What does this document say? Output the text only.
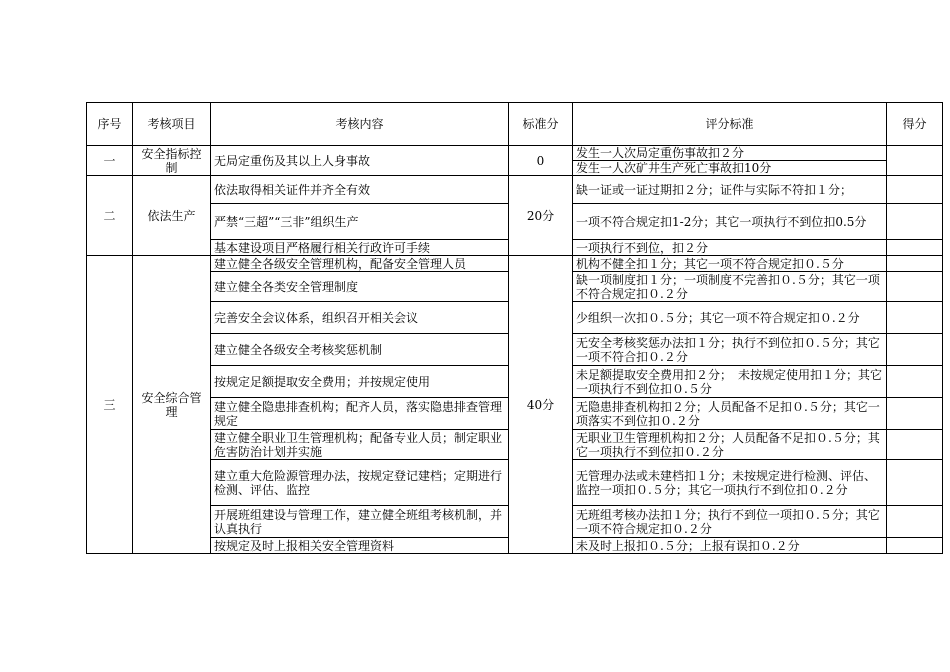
序号	考核项目	考核内容	标准分	评分标准	得分
一	安全指标控制	无局定重伤及其以上人身事故	0	发生一人次局定重伤事故扣２分
发生一人次矿井生产死亡事故扣10分	

二	依法生产	依法取得相关证件并齐全有效	20分	缺一证或一证过期扣２分；证件与实际不符扣１分；	
		严禁“三超”“三非”组织生产		一项不符合规定扣1-2分；其它一项执行不到位扣0.5分	
		基本建设项目严格履行相关行政许可手续		一项执行不到位，扣２分	
三	安全综合管理	建立健全各级安全管理机构，配备安全管理人员	40分	机构不健全扣１分；其它一项不符合规定扣０.５分	
		建立健全各类安全管理制度		缺一项制度扣１分；一项制度不完善扣０.５分；其它一项不符合规定扣０.２分	
		完善安全会议体系，组织召开相关会议		少组织一次扣０.５分；其它一项不符合规定扣０.２分	
		建立健全各级安全考核奖惩机制		无安全考核奖惩办法扣１分；执行不到位扣０.５分；其它一项不符合扣０.２分	
		按规定足额提取安全费用；并按规定使用		未足额提取安全费用扣２分；　未按规定使用扣１分；其它一项执行不到位扣０.５分	
		建立健全隐患排查机构；配齐人员，落实隐患排查管理规定		无隐患排查机构扣２分；人员配备不足扣０.５分；其它一项落实不到位扣０.２分	
		建立健全职业卫生管理机构；配备专业人员；制定职业危害防治计划并实施		无职业卫生管理机构扣２分；人员配备不足扣０.５分；其它一项执行不到位扣０.２分	
		建立重大危险源管理办法，按规定登记建档；定期进行检测、评估、监控		无管理办法或未建档扣１分；未按规定进行检测、评估、监控一项扣０.５分；其它一项执行不到位扣０.２分	
		开展班组建设与管理工作，建立健全班组考核机制，并认真执行		无班组考核办法扣１分；执行不到位一项扣０.５分；其它一项不符合规定扣０.２分	
		按规定及时上报相关安全管理资料		未及时上报扣０.５分；上报有误扣０.２分	
